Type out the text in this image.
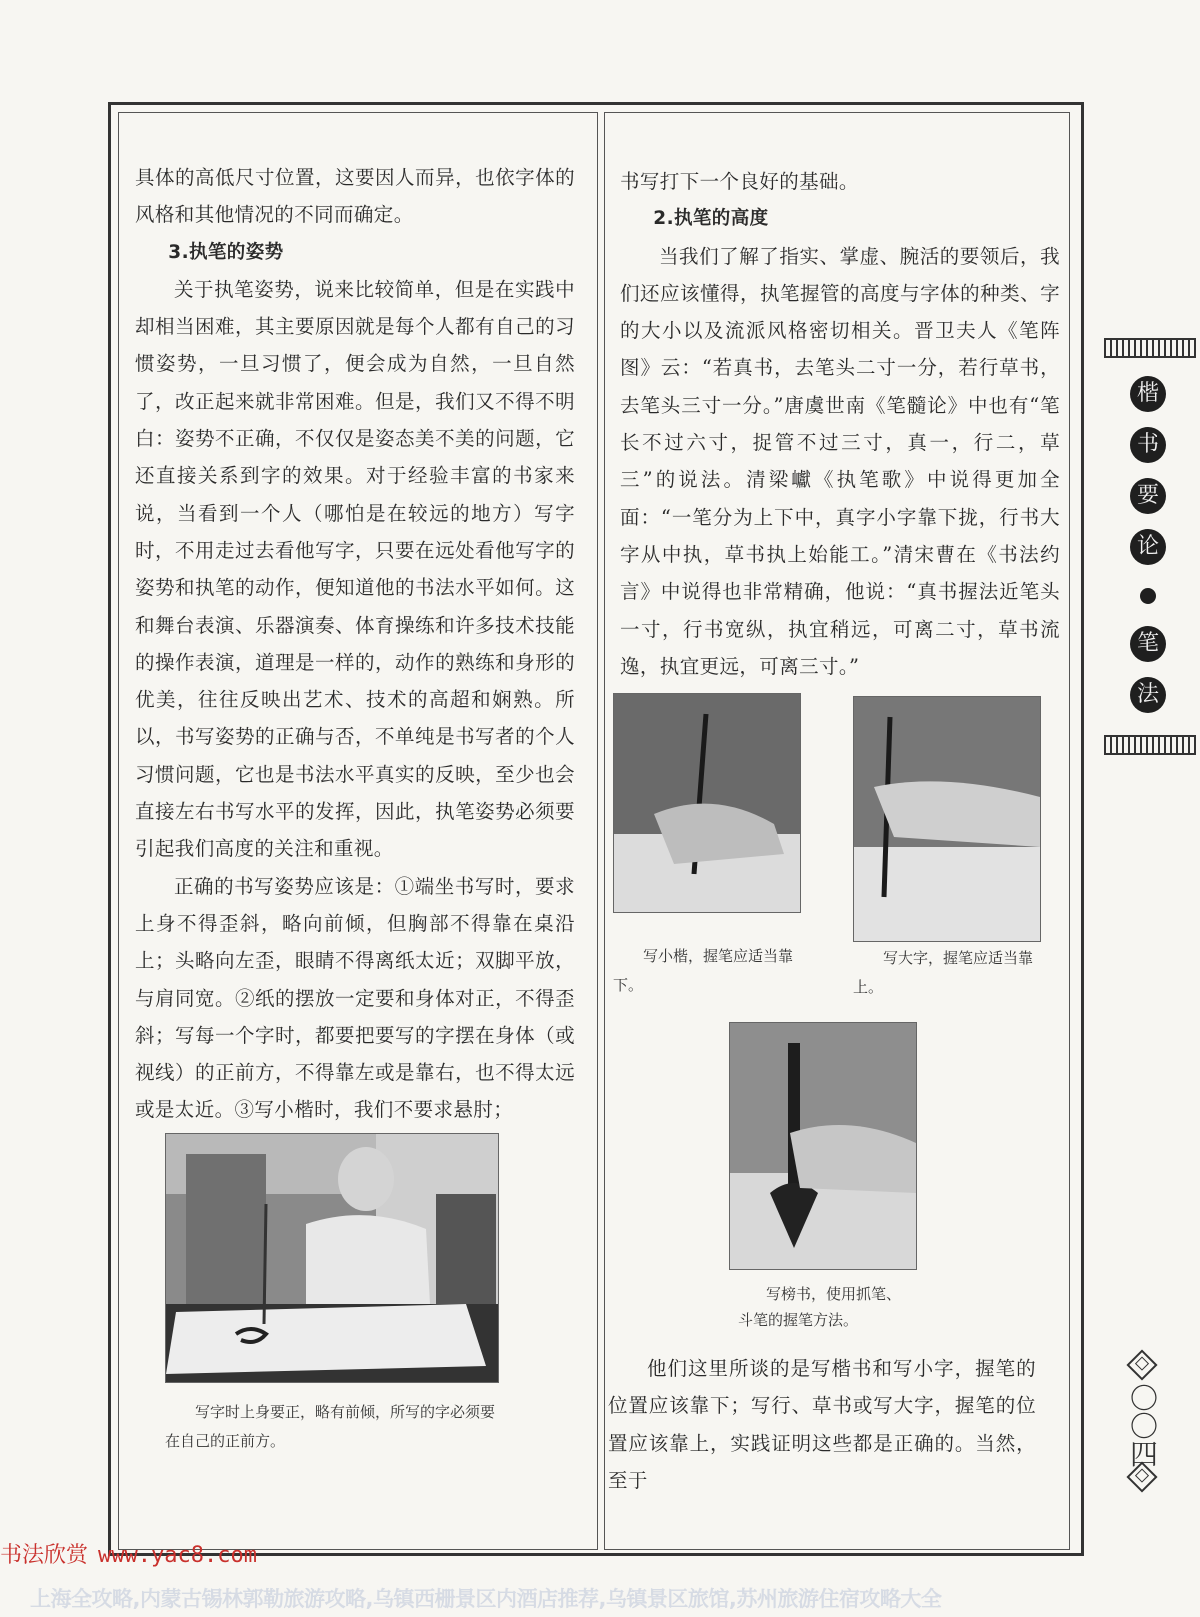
具体的高低尺寸位置，这要因人而异，也依字体的风格和其他情况的不同而确定。

3.执笔的姿势

关于执笔姿势，说来比较简单，但是在实践中却相当困难，其主要原因就是每个人都有自己的习惯姿势，一旦习惯了，便会成为自然，一旦自然了，改正起来就非常困难。但是，我们又不得不明白：姿势不正确，不仅仅是姿态美不美的问题，它还直接关系到字的效果。对于经验丰富的书家来说，当看到一个人（哪怕是在较远的地方）写字时，不用走过去看他写字，只要在远处看他写字的姿势和执笔的动作，便知道他的书法水平如何。这和舞台表演、乐器演奏、体育操练和许多技术技能的操作表演，道理是一样的，动作的熟练和身形的优美，往往反映出艺术、技术的高超和娴熟。所以，书写姿势的正确与否，不单纯是书写者的个人习惯问题，它也是书法水平真实的反映，至少也会直接左右书写水平的发挥，因此，执笔姿势必须要引起我们高度的关注和重视。

正确的书写姿势应该是：①端坐书写时，要求上身不得歪斜，略向前倾，但胸部不得靠在桌沿上；头略向左歪，眼睛不得离纸太近；双脚平放，与肩同宽。②纸的摆放一定要和身体对正，不得歪斜；写每一个字时，都要把要写的字摆在身体（或视线）的正前方，不得靠左或是靠右，也不得太远或是太近。③写小楷时，我们不要求悬肘；

写字时上身要正，略有前倾，所写的字必须要在自己的正前方。

书写打下一个良好的基础。

2.执笔的高度

当我们了解了指实、掌虚、腕活的要领后，我们还应该懂得，执笔握管的高度与字体的种类、字的大小以及流派风格密切相关。晋卫夫人《笔阵图》云：“若真书，去笔头二寸一分，若行草书，去笔头三寸一分。”唐虞世南《笔髓论》中也有“笔长不过六寸，捉管不过三寸，真一，行二，草三”的说法。清梁巘《执笔歌》中说得更加全面：“一笔分为上下中，真字小字靠下拢，行书大字从中执，草书执上始能工。”清宋曹在《书法约言》中说得也非常精确，他说：“真书握法近笔头一寸，行书宽纵，执宜稍远，可离二寸，草书流逸，执宜更远，可离三寸。”

写小楷，握笔应适当靠下。
写大字，握笔应适当靠上。
写榜书，使用抓笔、
斗笔的握笔方法。

他们这里所谈的是写楷书和写小字，握笔的位置应该靠下；写行、草书或写大字，握笔的位置应该靠上，实践证明这些都是正确的。当然，至于

楷
书
要
论
笔
法
〇
〇
四
书法欣赏 www.yac8.com
上海全攻略,内蒙古锡林郭勒旅游攻略,乌镇西栅景区内酒店推荐,乌镇景区旅馆,苏州旅游住宿攻略大全
